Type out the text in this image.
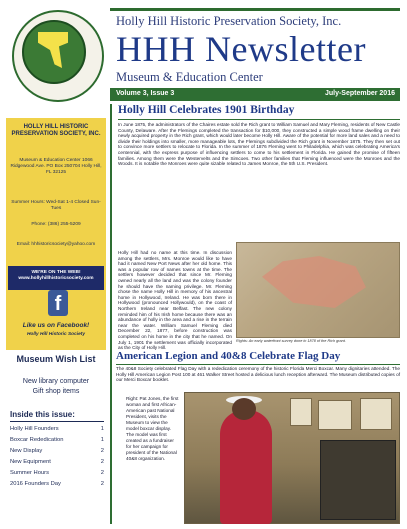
Holly Hill Historic Preservation Society, Inc.
HHH Newsletter
Museum & Education Center
Volume 3, Issue 3	July-September 2016
HOLLY HILL HISTORIC PRESERVATION SOCIETY, INC.
Museum & Education Center 1066 Ridgewood Ave. PO Box 250704 Holly Hill, FL 32125
Summer Hours: Wed-Sat 1-4 Closed Sun-Tues
Phone: (386) 255-5209
Email: hhhistoricsociety@yahoo.com
WE'RE ON THE WEB! www.hollyhillhistoricsociety.com
f
Like us on Facebook!
Holly Hill Historic Society
Museum Wish List
New library computer
Gift shop items
Inside this issue:
Holly Hill Founders	1
Boxcar Rededication	1
New Display	2
New Equipment	2
Summer Hours	2
2016 Founders Day	2
Holly Hill Celebrates 1901 Birthday
In June 1875, the administrators of the Chaires estate sold the Rich grant to William Samuel and Mary Fleming, residents of New Castle County, Delaware. After the Flemings completed the transaction for $10,000, they constructed a simple wood frame dwelling on their newly acquired property in the Rich grant, which would later become Holly Hill. Aware of the potential for more land sales and a need to divide their holdings into smaller, more manageable lots, the Flemings subdivided the Rich grant in November 1875. They then set out to convince more settlers to relocate to Florida. In the summer of 1876 Fleming went to Philadelphia, which was celebrating America's centennial, with the express purpose of influencing settlers to come to his settlement in Florida. He gained the promise of fifteen families. Among them were the Westervelts and the Simcoes. Two other families that Fleming influenced were the Monroes and the Woods. It is notable the Monroes were quite sizable related to James Monroe, the 5th U.S. President.
Holly Hill had no name at this time. In discussion among the settlers, Mrs. Monroe would like to have had it named New Port News after her old home. This was a popular row of names towns at the time. The settlers however decided that since Mr. Fleming owned nearly all the land and was the colony founder he should have the naming privilege. Mr. Fleming chose the name Holly Hill in memory of his ancestral home in Hollywood, Ireland. He was born there in Hollywood (pronounced Hollywould), on the coast of Northern Ireland near Belfast. The new colony reminded him of his Irish home because there was an abundance of holly in the area and a rise in the terrain near the water. William Samuel Fleming died December 22, 1877, before construction was completed on his home in the city that he named. On July 1, 1901 the settlement was officially incorporated as the City of Holly Hill.
Rights: An early waterfront survey done in 1878 of the Rich grant.
American Legion and 40&8 Celebrate Flag Day
The 40&8 Society celebrated Flag Day with a rededication ceremony of the historic Florida Merci Boxcar. Many dignitaries attended. The Holly Hill American Legion Post 100 at 461 Walker Street hosted a delicious lunch reception afterward. The Museum distributed copies of our Merci Boxcar booklet.
Right: Pat Jones, the first woman and first African-American past National President, visits the Museum to view the model boxcar display. The model was first created as a fundraiser for her campaign for president of the National 40&8 organization.
